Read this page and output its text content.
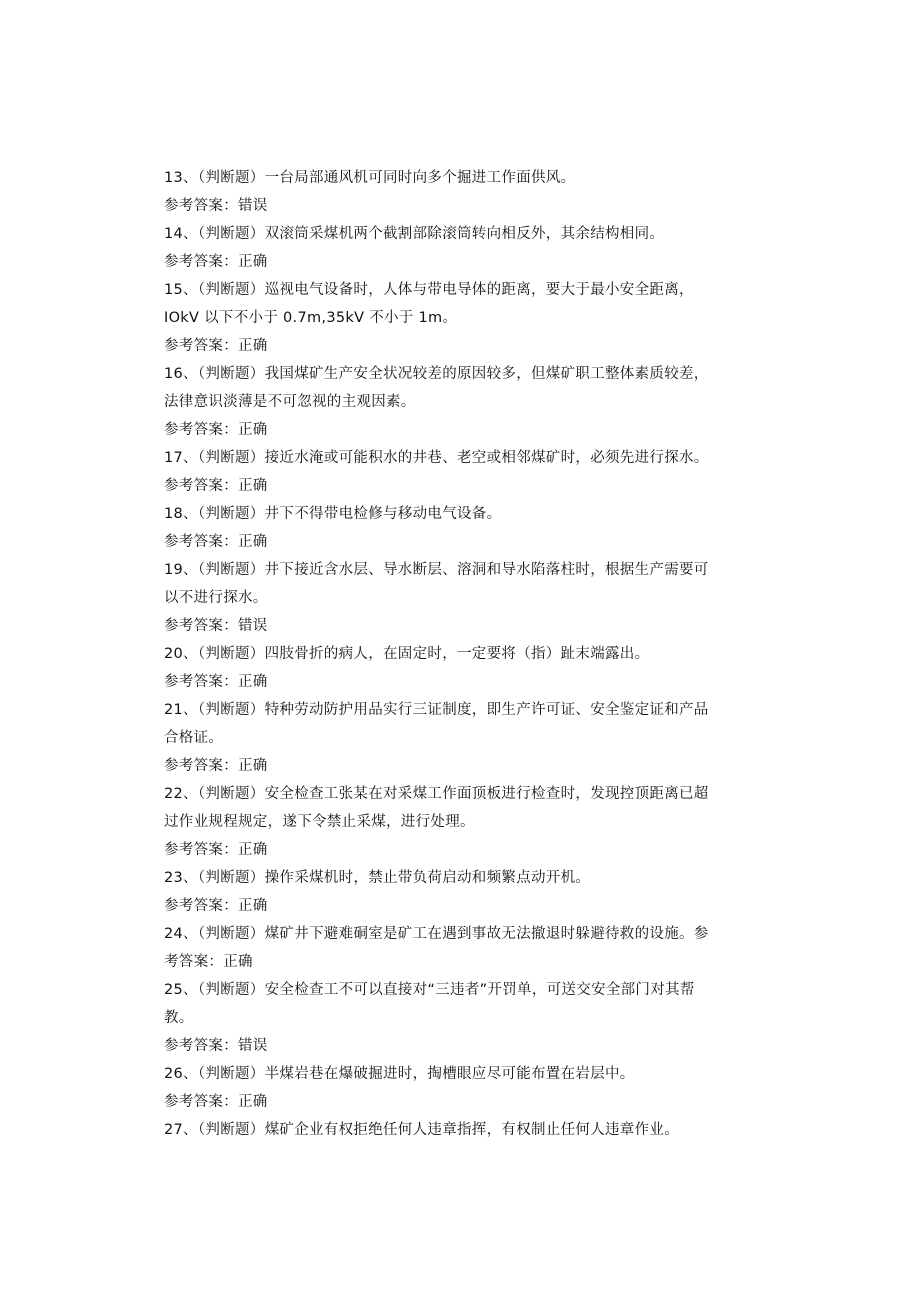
13、（判断题）一台局部通风机可同时向多个掘进工作面供风。
参考答案：错误
14、（判断题）双滚筒采煤机两个截割部除滚筒转向相反外，其余结构相同。
参考答案：正确
15、（判断题）巡视电气设备时，人体与带电导体的距离，要大于最小安全距离，
IOkV 以下不小于 0.7m,35kV 不小于 1m。
参考答案：正确
16、（判断题）我国煤矿生产安全状况较差的原因较多，但煤矿职工整体素质较差，
法律意识淡薄是不可忽视的主观因素。
参考答案：正确
17、（判断题）接近水淹或可能积水的井巷、老空或相邻煤矿时，必须先进行探水。
参考答案：正确
18、（判断题）井下不得带电检修与移动电气设备。
参考答案：正确
19、（判断题）井下接近含水层、导水断层、溶洞和导水陷落柱时，根据生产需要可
以不进行探水。
参考答案：错误
20、（判断题）四肢骨折的病人，在固定时，一定要将（指）趾末端露出。
参考答案：正确
21、（判断题）特种劳动防护用品实行三证制度，即生产许可证、安全鉴定证和产品
合格证。
参考答案：正确
22、（判断题）安全检查工张某在对采煤工作面顶板进行检查时，发现控顶距离已超
过作业规程规定，遂下令禁止采煤，进行处理。
参考答案：正确
23、（判断题）操作采煤机时，禁止带负荷启动和频繁点动开机。
参考答案：正确
24、（判断题）煤矿井下避难硐室是矿工在遇到事故无法撤退时躲避待救的设施。参
考答案：正确
25、（判断题）安全检查工不可以直接对“三违者”开罚单，可送交安全部门对其帮
教。
参考答案：错误
26、（判断题）半煤岩巷在爆破掘进时，掏槽眼应尽可能布置在岩层中。
参考答案：正确
27、（判断题）煤矿企业有权拒绝任何人违章指挥，有权制止任何人违章作业。
